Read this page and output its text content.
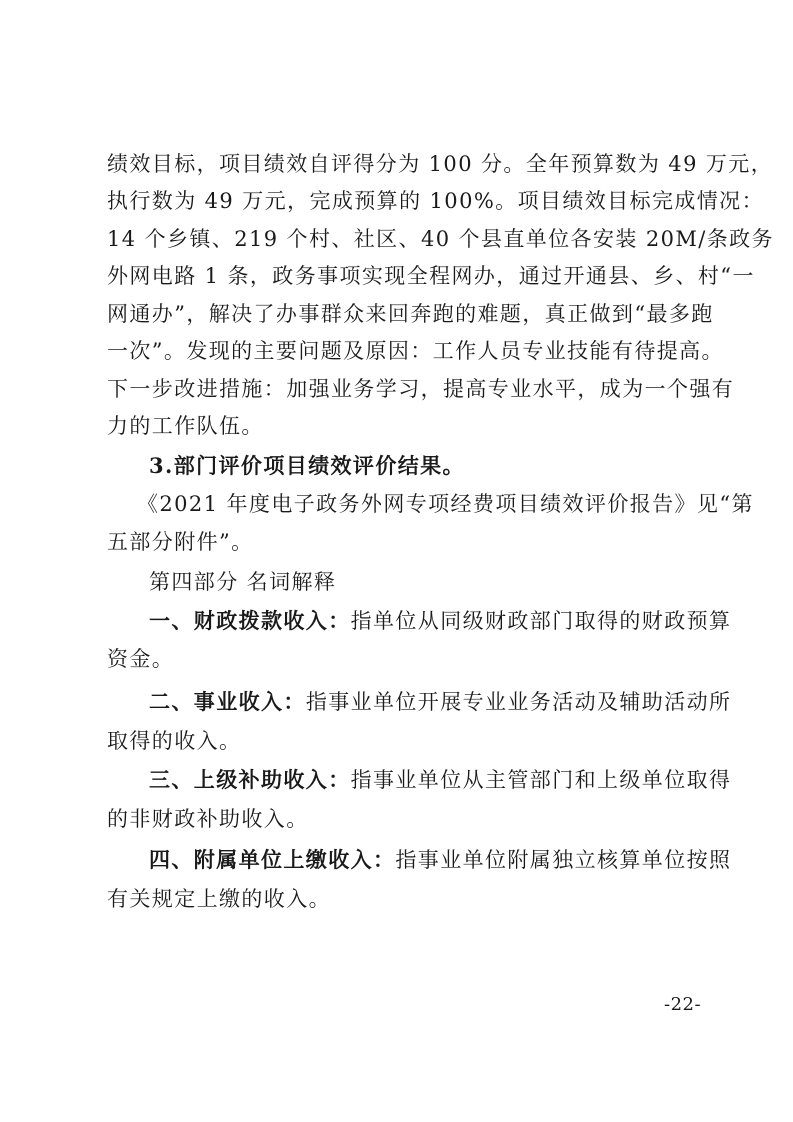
绩效目标，项目绩效自评得分为 100 分。全年预算数为 49 万元，
执行数为 49 万元，完成预算的 100%。项目绩效目标完成情况：
14 个乡镇、219 个村、社区、40 个县直单位各安装 20M/条政务
外网电路 1 条，政务事项实现全程网办，通过开通县、乡、村“一
网通办”，解决了办事群众来回奔跑的难题，真正做到“最多跑
一次”。发现的主要问题及原因：工作人员专业技能有待提高。
下一步改进措施：加强业务学习，提高专业水平，成为一个强有
力的工作队伍。
3.部门评价项目绩效评价结果。
《2021 年度电子政务外网专项经费项目绩效评价报告》见“第
五部分附件”。
第四部分 名词解释
一、财政拨款收入：指单位从同级财政部门取得的财政预算
资金。
二、事业收入：指事业单位开展专业业务活动及辅助活动所
取得的收入。
三、上级补助收入：指事业单位从主管部门和上级单位取得
的非财政补助收入。
四、附属单位上缴收入：指事业单位附属独立核算单位按照
有关规定上缴的收入。
-22-
